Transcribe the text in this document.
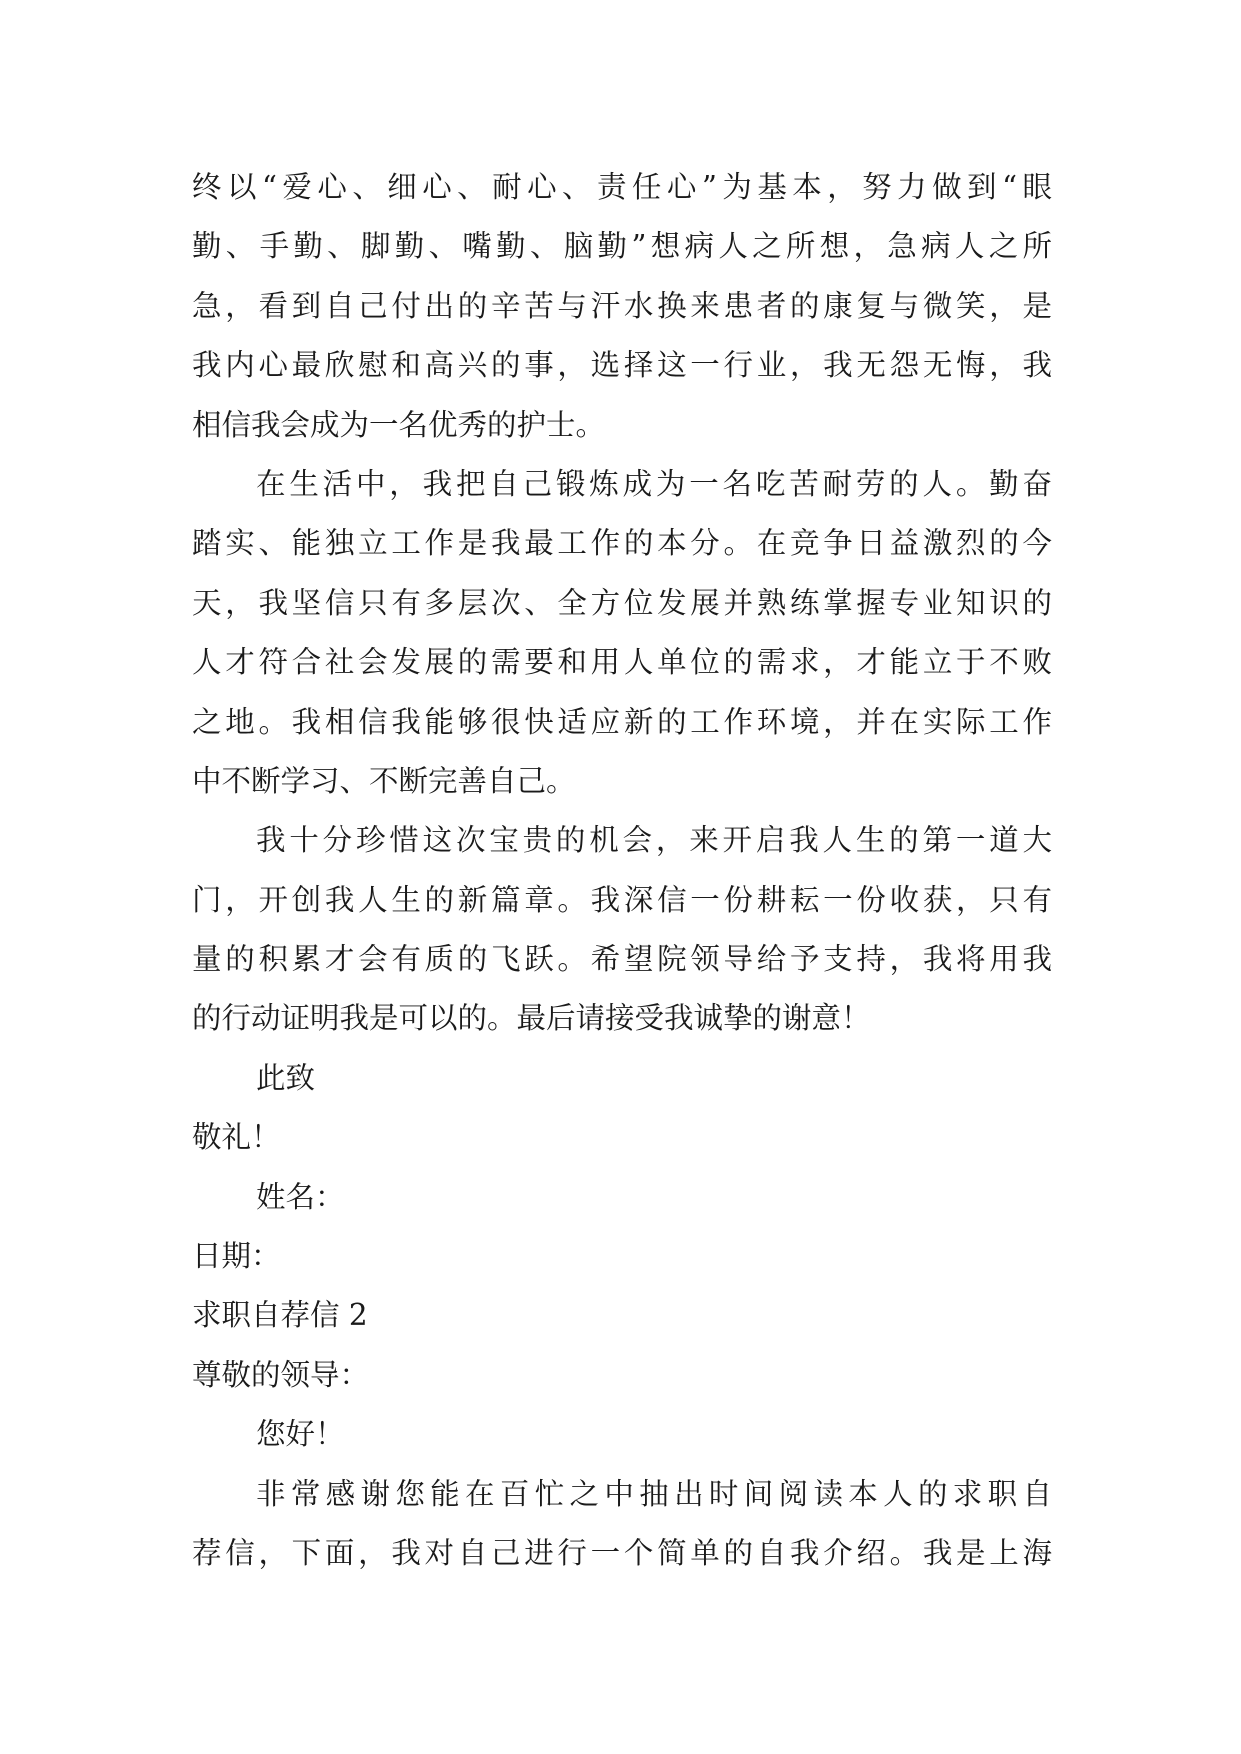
终以“爱心、细心、耐心、责任心”为基本，努力做到“眼
勤、手勤、脚勤、嘴勤、脑勤”想病人之所想，急病人之所
急，看到自己付出的辛苦与汗水换来患者的康复与微笑，是
我内心最欣慰和高兴的事，选择这一行业，我无怨无悔，我
相信我会成为一名优秀的护士。
在生活中，我把自己锻炼成为一名吃苦耐劳的人。勤奋
踏实、能独立工作是我最工作的本分。在竞争日益激烈的今
天，我坚信只有多层次、全方位发展并熟练掌握专业知识的
人才符合社会发展的需要和用人单位的需求，才能立于不败
之地。我相信我能够很快适应新的工作环境，并在实际工作
中不断学习、不断完善自己。
我十分珍惜这次宝贵的机会，来开启我人生的第一道大
门，开创我人生的新篇章。我深信一份耕耘一份收获，只有
量的积累才会有质的飞跃。希望院领导给予支持，我将用我
的行动证明我是可以的。最后请接受我诚挚的谢意！
此致
敬礼！
姓名：
日期：
求职自荐信 2
尊敬的领导：
您好！
非常感谢您能在百忙之中抽出时间阅读本人的求职自
荐信，下面，我对自己进行一个简单的自我介绍。我是上海
